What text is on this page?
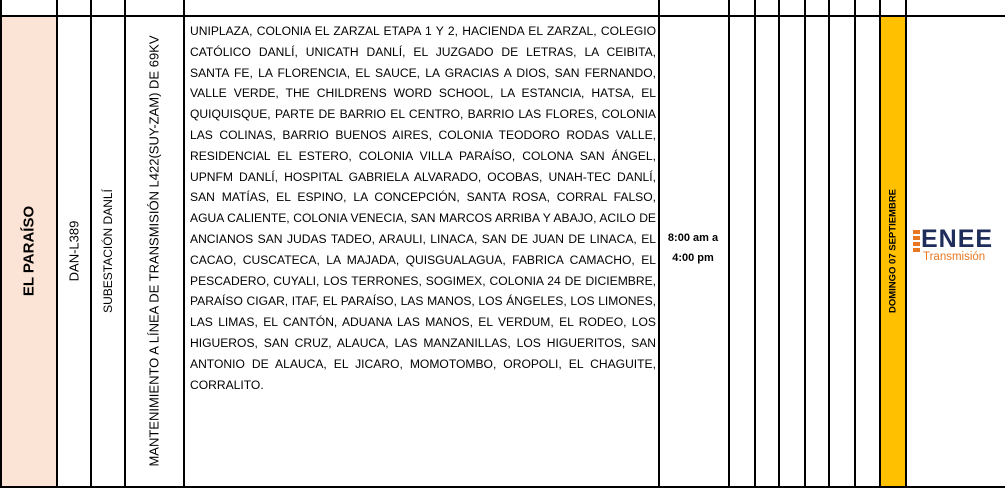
EL PARAÍSO DAN-L389 SUBESTACIÓN DANLÍ MANTENIMIENTO A LÍNEA DE TRANSMISIÓN L422(SUY-ZAM) DE 69KV
UNIPLAZA, COLONIA EL ZARZAL ETAPA 1 Y 2, HACIENDA EL ZARZAL, COLEGIO CATÓLICO DANLÍ, UNICATH DANLÍ, EL JUZGADO DE LETRAS, LA CEIBITA, SANTA FE, LA FLORENCIA, EL SAUCE, LA GRACIAS A DIOS, SAN FERNANDO, VALLE VERDE, THE CHILDRENS WORD SCHOOL, LA ESTANCIA, HATSA, EL QUIQUISQUE, PARTE DE BARRIO EL CENTRO, BARRIO LAS FLORES, COLONIA LAS COLINAS, BARRIO BUENOS AIRES, COLONIA TEODORO RODAS VALLE, RESIDENCIAL EL ESTERO, COLONIA VILLA PARAÍSO, COLONA SAN ÁNGEL, UPNFM DANLÍ, HOSPITAL GABRIELA ALVARADO, OCOBAS, UNAH-TEC DANLÍ, SAN MATÍAS, EL ESPINO, LA CONCEPCIÓN, SANTA ROSA, CORRAL FALSO, AGUA CALIENTE, COLONIA VENECIA, SAN MARCOS ARRIBA Y ABAJO, ACILO DE ANCIANOS SAN JUDAS TADEO, ARAULI, LINACA, SAN DE JUAN DE LINACA, EL CACAO, CUSCATECA, LA MAJADA, QUISGUALAGUA, FABRICA CAMACHO, EL PESCADERO, CUYALI, LOS TERRONES, SOGIMEX, COLONIA 24 DE DICIEMBRE, PARAÍSO CIGAR, ITAF, EL PARAÍSO, LAS MANOS, LOS ÁNGELES, LOS LIMONES, LAS LIMAS, EL CANTÓN, ADUANA LAS MANOS, EL VERDUM, EL RODEO, LOS HIGUEROS, SAN CRUZ, ALAUCA, LAS MANZANILLAS, LOS HIGUERITOS, SAN ANTONIO DE ALAUCA, EL JICARO, MOMOTOMBO, OROPOLI, EL CHAGUITE, CORRALITO.
8:00 am a
4:00 pm	DOMINGO 07 SEPTIEMBRE ENEE
Transmisión
